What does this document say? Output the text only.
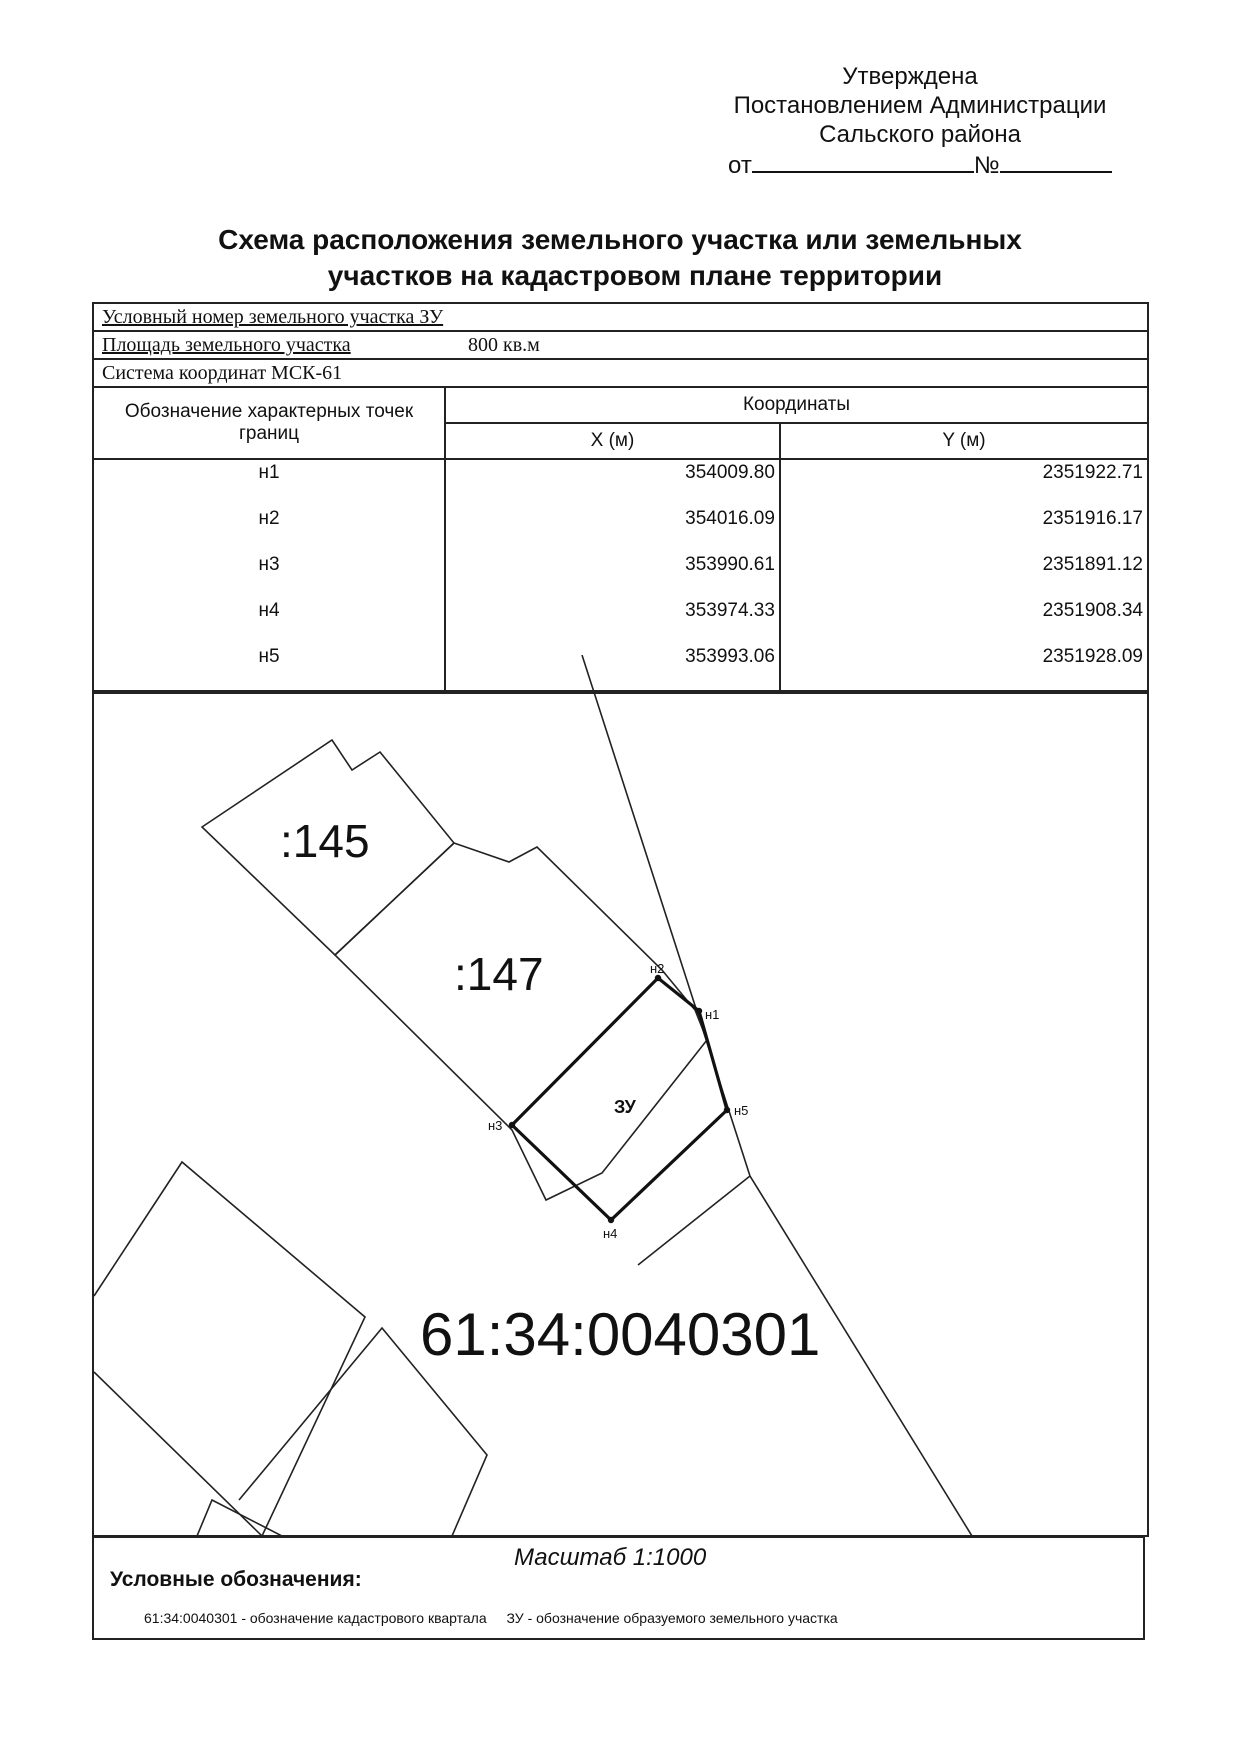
Утверждена
Постановлением Администрации
Сальского района
от	№
Схема расположения земельного участка или земельных
участков на кадастровом плане территории
Условный номер земельного участка ЗУ
Площадь земельного участка	800 кв.м
Система координат МСК-61
Обозначение характерных точек границ	Координаты	
	X (м)	Y (м)
н1	354009.80	2351922.71
н2	354016.09	2351916.17
н3	353990.61	2351891.12
н4	353974.33	2351908.34
н5	353993.06	2351928.09
:145
:147
ЗУ
61:34:0040301
н1
н2
н3
н4
н5
Масштаб 1:1000
Условные обозначения:
61:34:0040301 - обозначение кадастрового квартала ЗУ - обозначение образуемого земельного участка
